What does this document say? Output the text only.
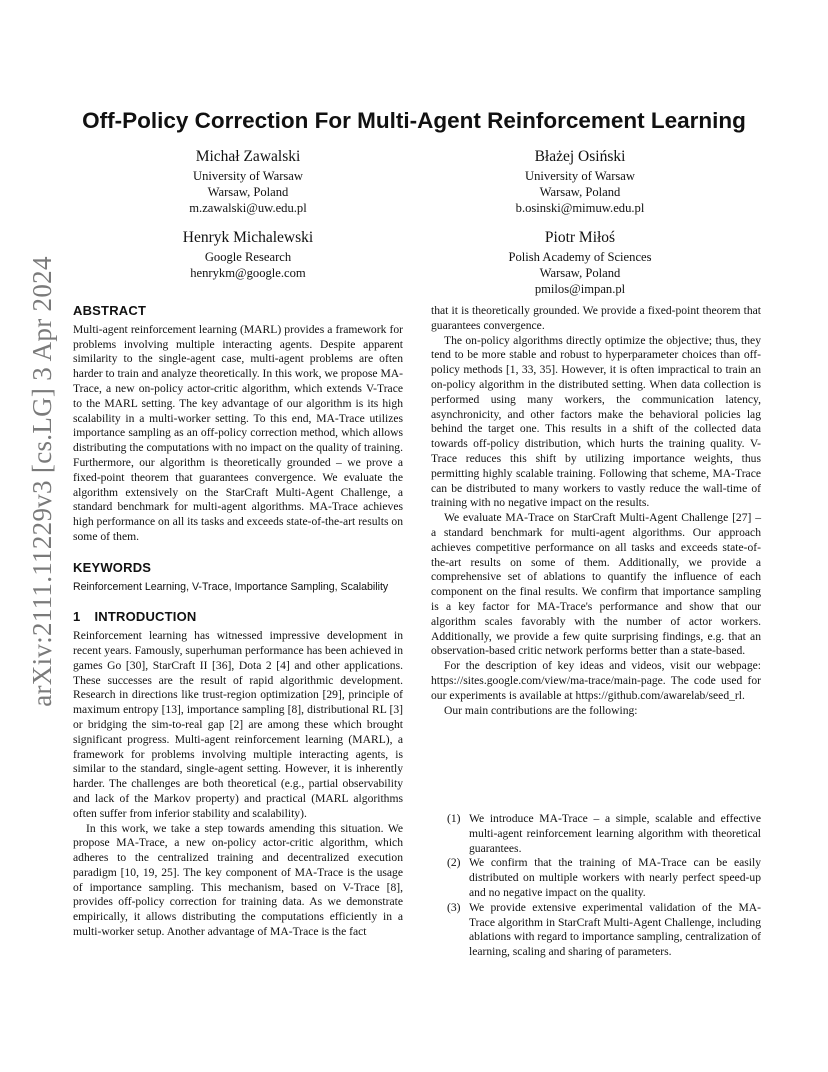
arXiv:2111.11229v3 [cs.LG] 3 Apr 2024
Off-Policy Correction For Multi-Agent Reinforcement Learning
Michał Zawalski
University of Warsaw
Warsaw, Poland
m.zawalski@uw.edu.pl
Błażej Osiński
University of Warsaw
Warsaw, Poland
b.osinski@mimuw.edu.pl
Henryk Michalewski
Google Research
henrykm@google.com
Piotr Miłoś
Polish Academy of Sciences
Warsaw, Poland
pmilos@impan.pl
ABSTRACT

Multi-agent reinforcement learning (MARL) provides a framework for problems involving multiple interacting agents. Despite apparent similarity to the single-agent case, multi-agent problems are often harder to train and analyze theoretically. In this work, we propose MA-Trace, a new on-policy actor-critic algorithm, which extends V-Trace to the MARL setting. The key advantage of our algorithm is its high scalability in a multi-worker setting. To this end, MA-Trace utilizes importance sampling as an off-policy correction method, which allows distributing the computations with no impact on the quality of training. Furthermore, our algorithm is theoretically grounded – we prove a fixed-point theorem that guarantees convergence. We evaluate the algorithm extensively on the StarCraft Multi-Agent Challenge, a standard benchmark for multi-agent algorithms. MA-Trace achieves high performance on all its tasks and exceeds state-of-the-art results on some of them.

KEYWORDS

Reinforcement Learning, V-Trace, Importance Sampling, Scalability

1 INTRODUCTION

Reinforcement learning has witnessed impressive development in recent years. Famously, superhuman performance has been achieved in games Go [30], StarCraft II [36], Dota 2 [4] and other applications. These successes are the result of rapid algorithmic development. Research in directions like trust-region optimization [29], principle of maximum entropy [13], importance sampling [8], distributional RL [3] or bridging the sim-to-real gap [2] are among these which brought significant progress. Multi-agent reinforcement learning (MARL), a framework for problems involving multiple interacting agents, is similar to the standard, single-agent setting. However, it is inherently harder. The challenges are both theoretical (e.g., partial observability and lack of the Markov property) and practical (MARL algorithms often suffer from inferior stability and scalability).

In this work, we take a step towards amending this situation. We propose MA-Trace, a new on-policy actor-critic algorithm, which adheres to the centralized training and decentralized execution paradigm [10, 19, 25]. The key component of MA-Trace is the usage of importance sampling. This mechanism, based on V-Trace [8], provides off-policy correction for training data. As we demonstrate empirically, it allows distributing the computations efficiently in a multi-worker setup. Another advantage of MA-Trace is the fact

that it is theoretically grounded. We provide a fixed-point theorem that guarantees convergence.

The on-policy algorithms directly optimize the objective; thus, they tend to be more stable and robust to hyperparameter choices than off-policy methods [1, 33, 35]. However, it is often impractical to train an on-policy algorithm in the distributed setting. When data collection is performed using many workers, the communication latency, asynchronicity, and other factors make the behavioral policies lag behind the target one. This results in a shift of the collected data towards off-policy distribution, which hurts the training quality. V-Trace reduces this shift by utilizing importance weights, thus permitting highly scalable training. Following that scheme, MA-Trace can be distributed to many workers to vastly reduce the wall-time of training with no negative impact on the results.

We evaluate MA-Trace on StarCraft Multi-Agent Challenge [27] – a standard benchmark for multi-agent algorithms. Our approach achieves competitive performance on all tasks and exceeds state-of-the-art results on some of them. Additionally, we provide a comprehensive set of ablations to quantify the influence of each component on the final results. We confirm that importance sampling is a key factor for MA-Trace's performance and show that our algorithm scales favorably with the number of actor workers. Additionally, we provide a few quite surprising findings, e.g. that an observation-based critic network performs better than a state-based.

For the description of key ideas and videos, visit our webpage: https://sites.google.com/view/ma-trace/main-page. The code used for our experiments is available at https://github.com/awarelab/seed_rl.

Our main contributions are the following:

(1) We introduce MA-Trace – a simple, scalable and effective multi-agent reinforcement learning algorithm with theoretical guarantees.
(2) We confirm that the training of MA-Trace can be easily distributed on multiple workers with nearly perfect speed-up and no negative impact on the quality.
(3) We provide extensive experimental validation of the MA-Trace algorithm in StarCraft Multi-Agent Challenge, including ablations with regard to importance sampling, centralization of learning, scaling and sharing of parameters.
